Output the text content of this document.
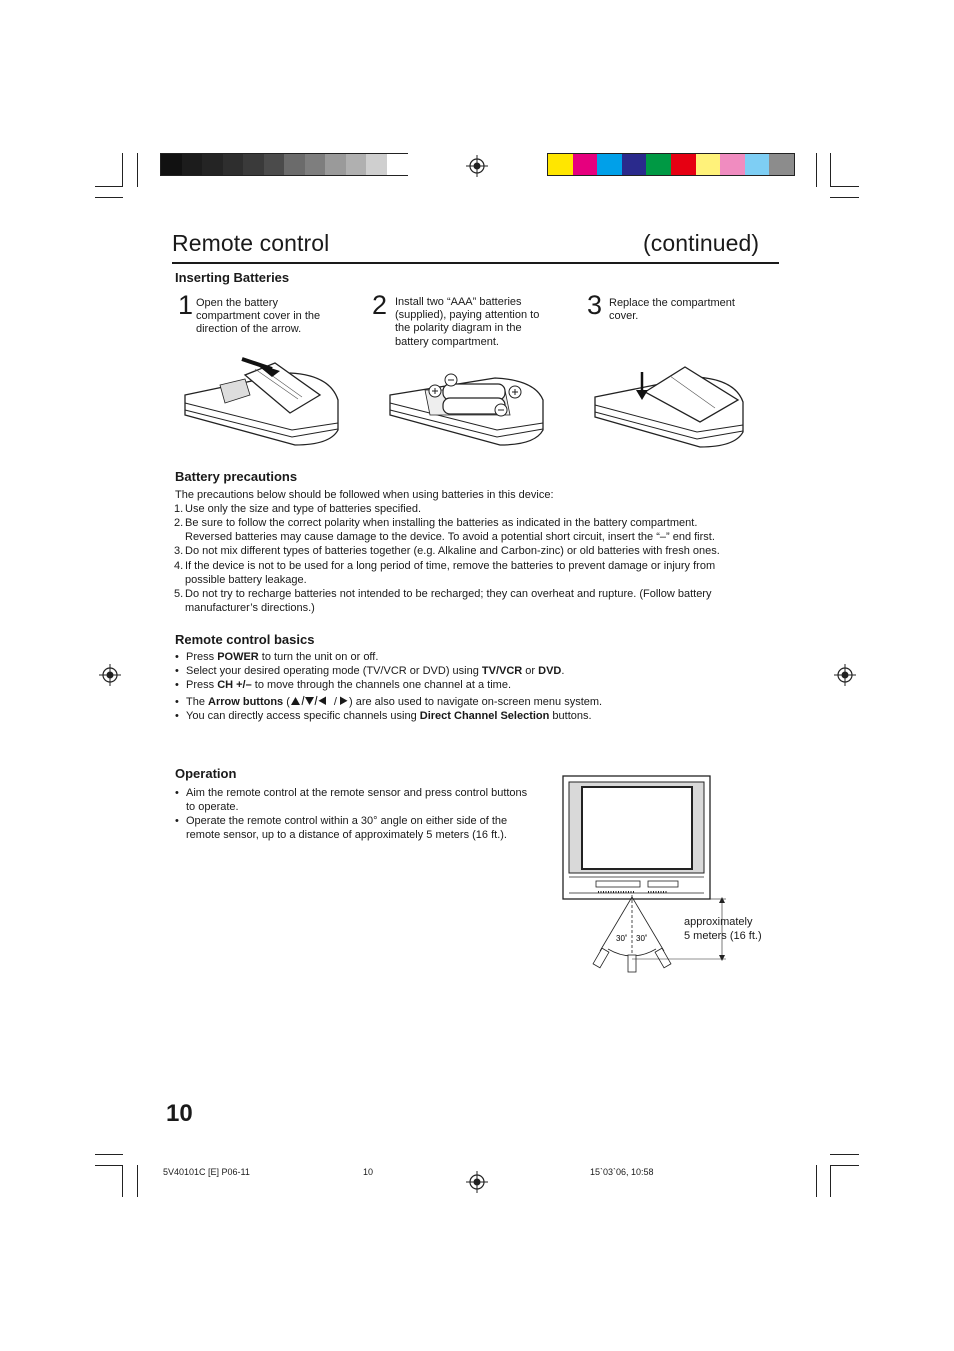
Remote control	(continued)
Inserting Batteries
1 Open the battery
compartment cover in the
direction of the arrow.
2 Install two “AAA” batteries
(supplied), paying attention to
the polarity diagram in the
battery compartment.
3 Replace the compartment
cover.
Battery precautions
The precautions below should be followed when using batteries in this device:
1. Use only the size and type of batteries specified.
2. Be sure to follow the correct polarity when installing the batteries as indicated in the battery compartment.
Reversed batteries may cause damage to the device. To avoid a potential short circuit, insert the “–” end first.
3. Do not mix different types of batteries together (e.g. Alkaline and Carbon-zinc) or old batteries with fresh ones.
4. If the device is not to be used for a long period of time, remove the batteries to prevent damage or injury from
possible battery leakage.
5. Do not try to recharge batteries not intended to be recharged; they can overheat and rupture. (Follow battery
manufacturer’s directions.)
Remote control basics
• Press POWER to turn the unit on or off.
• Select your desired operating mode (TV/VCR or DVD) using TV/VCR or DVD.
• Press CH +/– to move through the channels one channel at a time.
• The Arrow buttons (	/ ) are also used to navigate on-screen menu system.
• You can directly access specific channels using Direct Channel Selection buttons.
Operation
• Aim the remote control at the remote sensor and press control buttons
to operate.
• Operate the remote control within a 30° angle on either side of the
remote sensor, up to a distance of approximately 5 meters (16 ft.).
30˚ 30˚
approximately
5 meters (16 ft.)
10
5V40101C [E] P06-11	10	15`03`06, 10:58
